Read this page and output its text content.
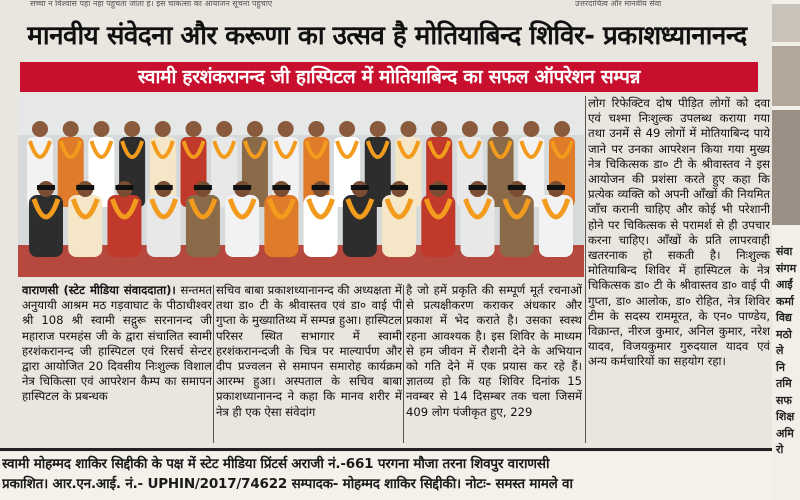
सच्चा न विश्वास पहा नहा पहुचता जाता ह। इस चाकत्सा का आयाजन सूचना पहुचाए	उत्तरदायित्व और मानवीय सेवा
मानवीय संवेदना और करूणा का उत्सव है मोतियाबिन्द शिविर- प्रकाशध्यानानन्द
स्वामी हरशंकरानन्द जी हास्पिटल में मोतियाबिन्द का सफल ऑपरेशन सम्पन्न
वाराणसी (स्टेट मीडिया संवाददाता)। सन्तमत अनुयायी आश्रम मठ गड़वाघाट के पीठाधीश्वर श्री 108 श्री स्वामी सद्गुरू सरनानन्द जी महाराज परमहंस जी के द्वारा संचालित स्वामी हरशंकरानन्द जी हास्पिटल एवं रिसर्च सेन्टर द्वारा आयोजित 20 दिवसीय निःशुल्क विशाल नेत्र चिकित्सा एवं आपरेशन कैम्प का समापन हास्पिटल के प्रबन्धक
सचिव बाबा प्रकाशध्यानानन्द की अध्यक्षता में तथा डा० टी के श्रीवास्तव एवं डा० वाई पी गुप्ता के मुख्यातिथ्य में सम्पन्न हुआ। हास्पिटल परिसर स्थित सभागार में स्वामी हरशंकरानन्दजी के चित्र पर माल्यार्पण और दीप प्रज्वलन से समापन समारोह कार्यक्रम आरम्भ हुआ। अस्पताल के सचिव बाबा प्रकाशध्यानानन्द ने कहा कि मानव शरीर में नेत्र ही एक ऐसा संवेदांग
है जो हमें प्रकृति की सम्पूर्ण मूर्त रचनाओं से प्रत्यक्षीकरण कराकर अंधकार और प्रकाश में भेद कराते है। उसका स्वस्थ रहना आवश्यक है। इस शिविर के माध्यम से हम जीवन में रौशनी देने के अभियान को गति देने में एक प्रयास कर रहे हैं। ज्ञातव्य हो कि यह शिविर दिनांक 15 नवम्बर से 14 दिसम्बर तक चला जिसमें 409 लोग पंजीकृत हुए, 229
लोग रिफेक्टिव दोष पीड़ित लोगों को दवा एवं चश्मा निःशुल्क उपलब्ध कराया गया तथा उनमें से 49 लोगों में मोतियाबिन्द पाये जाने पर उनका आपरेशन किया गया मुख्य नेत्र चिकित्सक डा० टी के श्रीवास्तव ने इस आयोजन की प्रशंसा करते हुए कहा कि प्रत्येक व्यक्ति को अपनी आँखों की नियमित जाँच करानी चाहिए और कोई भी परेशानी होने पर चिकित्सक से परामर्श से ही उपचार करना चाहिए। आँखों के प्रति लापरवाही खतरनाक हो सकती है। निःशुल्क मोतियाबिन्द शिविर में हास्पिटल के नेत्र चिकित्सक डा० टी के श्रीवास्तव डा० वाई पी गुप्ता, डा० आलोक, डा० रोहित, नेत्र शिविर टीम के सदस्य राममूरत, के एन० पाण्डेय, विक्रान्त, नीरज कुमार, अनिल कुमार, नरेश यादव, विजयकुमार गुरुदयाल यादव एवं अन्य कर्मचारियों का सहयोग रहा।
स्वामी मोहम्मद शाकिर सिद्दीकी के पक्ष में स्टेट मीडिया प्रिंटर्स अराजी नं.-661 परगना मौजा तरना शिवपुर वाराणसी
प्रकाशित। आर.एन.आई. नं.- UPHIN/2017/74622 सम्पादक- मोहम्मद शाकिर सिद्दीकी। नोटः- समस्त मामले वा
संवा
संगम
आईं
कर्मा
विद्य
मठो
ले
नि
तमि
सफ
शिक्ष
अमि
रो
